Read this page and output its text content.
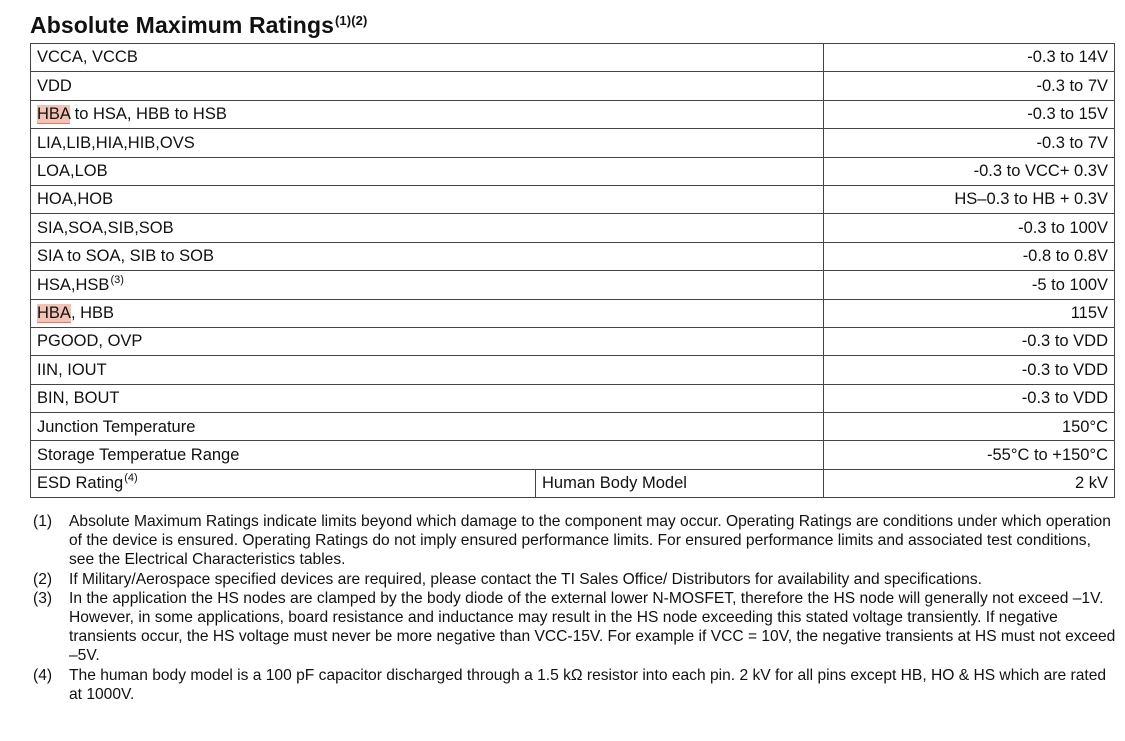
Absolute Maximum Ratings$^{(1)(2)}$
VCCA, VCCB		-0.3 to 14V
VDD		-0.3 to 7V
HBA to HSA, HBB to HSB		-0.3 to 15V
LIA,LIB,HIA,HIB,OVS		-0.3 to 7V
LOA,LOB		-0.3 to VCC+ 0.3V
HOA,HOB		HS–0.3 to HB + 0.3V
SIA,SOA,SIB,SOB		-0.3 to 100V
SIA to SOA, SIB to SOB		-0.8 to 0.8V
HSA,HSB$^{(3)}$		-5 to 100V
HBA, HBB		115V
PGOOD, OVP		-0.3 to VDD
IIN, IOUT		-0.3 to VDD
BIN, BOUT		-0.3 to VDD
Junction Temperature		150°C
Storage Temperatue Range		-55°C to +150°C
ESD Rating$^{(4)}$	Human Body Model	2 kV
(1)	Absolute Maximum Ratings indicate limits beyond which damage to the component may occur. Operating Ratings are conditions under which operation of the device is ensured. Operating Ratings do not imply ensured performance limits. For ensured performance limits and associated test conditions, see the Electrical Characteristics tables.
(2)	If Military/Aerospace specified devices are required, please contact the TI Sales Office/ Distributors for availability and specifications.
(3)	In the application the HS nodes are clamped by the body diode of the external lower N-MOSFET, therefore the HS node will generally not exceed –1V. However, in some applications, board resistance and inductance may result in the HS node exceeding this stated voltage transiently. If negative transients occur, the HS voltage must never be more negative than VCC-15V. For example if VCC = 10V, the negative transients at HS must not exceed –5V.
(4)	The human body model is a 100 pF capacitor discharged through a 1.5 kΩ resistor into each pin. 2 kV for all pins except HB, HO & HS which are rated at 1000V.
